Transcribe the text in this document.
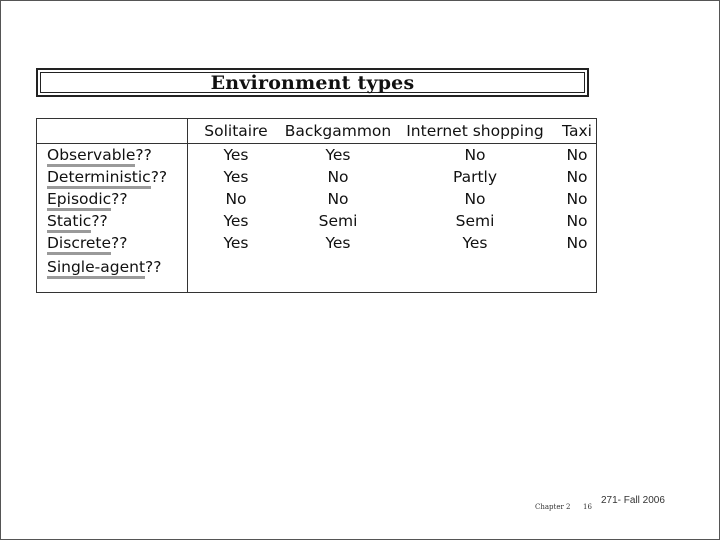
Environment types
	Solitaire	Backgammon	Internet shopping	Taxi
Observable??	Yes	Yes	No	No
Deterministic??	Yes	No	Partly	No
Episodic??	No	No	No	No
Static??	Yes	Semi	Semi	No
Discrete??	Yes	Yes	Yes	No
Single-agent??				
Chapter 2 16
271- Fall 2006
